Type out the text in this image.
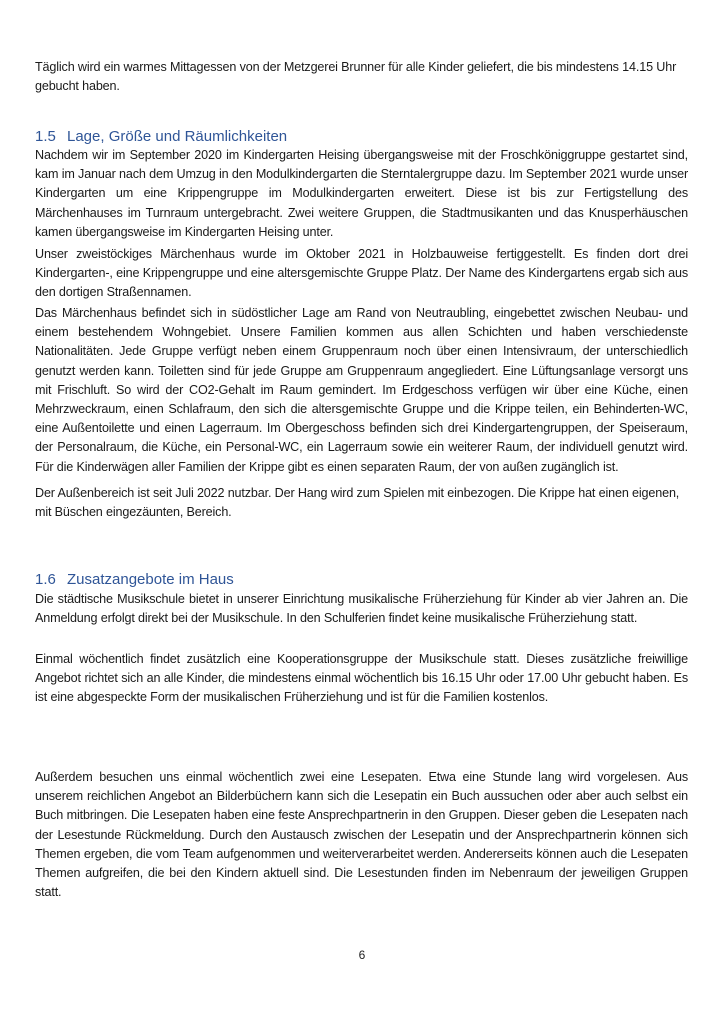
Täglich wird ein warmes Mittagessen von der Metzgerei Brunner für alle Kinder geliefert, die bis mindestens 14.15 Uhr gebucht haben.

1.5 Lage, Größe und Räumlichkeiten

Nachdem wir im September 2020 im Kindergarten Heising übergangsweise mit der Froschköniggruppe gestartet sind, kam im Januar nach dem Umzug in den Modulkindergarten die Sterntalergruppe dazu. Im September 2021 wurde unser Kindergarten um eine Krippengruppe im Modulkindergarten erweitert. Diese ist bis zur Fertigstellung des Märchenhauses im Turnraum untergebracht. Zwei weitere Gruppen, die Stadtmusikanten und das Knusperhäuschen kamen übergangsweise im Kindergarten Heising unter.

Unser zweistöckiges Märchenhaus wurde im Oktober 2021 in Holzbauweise fertiggestellt. Es finden dort drei Kindergarten-, eine Krippengruppe und eine altersgemischte Gruppe Platz. Der Name des Kindergartens ergab sich aus den dortigen Straßennamen.

Das Märchenhaus befindet sich in südöstlicher Lage am Rand von Neutraubling, eingebettet zwischen Neubau- und einem bestehendem Wohngebiet. Unsere Familien kommen aus allen Schichten und haben verschiedenste Nationalitäten. Jede Gruppe verfügt neben einem Gruppenraum noch über einen Intensivraum, der unterschiedlich genutzt werden kann. Toiletten sind für jede Gruppe am Gruppenraum angegliedert. Eine Lüftungsanlage versorgt uns mit Frischluft. So wird der CO2-Gehalt im Raum gemindert. Im Erdgeschoss verfügen wir über eine Küche, einen Mehrzweckraum, einen Schlafraum, den sich die altersgemischte Gruppe und die Krippe teilen, ein Behinderten-WC, eine Außentoilette und einen Lagerraum. Im Obergeschoss befinden sich drei Kindergartengruppen, der Speiseraum, der Personalraum, die Küche, ein Personal-WC, ein Lagerraum sowie ein weiterer Raum, der individuell genutzt wird. Für die Kinderwägen aller Familien der Krippe gibt es einen separaten Raum, der von außen zugänglich ist.

Der Außenbereich ist seit Juli 2022 nutzbar. Der Hang wird zum Spielen mit einbezogen. Die Krippe hat einen eigenen, mit Büschen eingezäunten, Bereich.

1.6 Zusatzangebote im Haus

Die städtische Musikschule bietet in unserer Einrichtung musikalische Früherziehung für Kinder ab vier Jahren an. Die Anmeldung erfolgt direkt bei der Musikschule. In den Schulferien findet keine musikalische Früherziehung statt.

Einmal wöchentlich findet zusätzlich eine Kooperationsgruppe der Musikschule statt. Dieses zusätzliche freiwillige Angebot richtet sich an alle Kinder, die mindestens einmal wöchentlich bis 16.15 Uhr oder 17.00 Uhr gebucht haben. Es ist eine abgespeckte Form der musikalischen Früherziehung und ist für die Familien kostenlos.

Außerdem besuchen uns einmal wöchentlich zwei eine Lesepaten. Etwa eine Stunde lang wird vorgelesen. Aus unserem reichlichen Angebot an Bilderbüchern kann sich die Lesepatin ein Buch aussuchen oder aber auch selbst ein Buch mitbringen. Die Lesepaten haben eine feste Ansprechpartnerin in den Gruppen. Dieser geben die Lesepaten nach der Lesestunde Rückmeldung. Durch den Austausch zwischen der Lesepatin und der Ansprechpartnerin können sich Themen ergeben, die vom Team aufgenommen und weiterverarbeitet werden. Andererseits können auch die Lesepaten Themen aufgreifen, die bei den Kindern aktuell sind. Die Lesestunden finden im Nebenraum der jeweiligen Gruppen statt.

6
